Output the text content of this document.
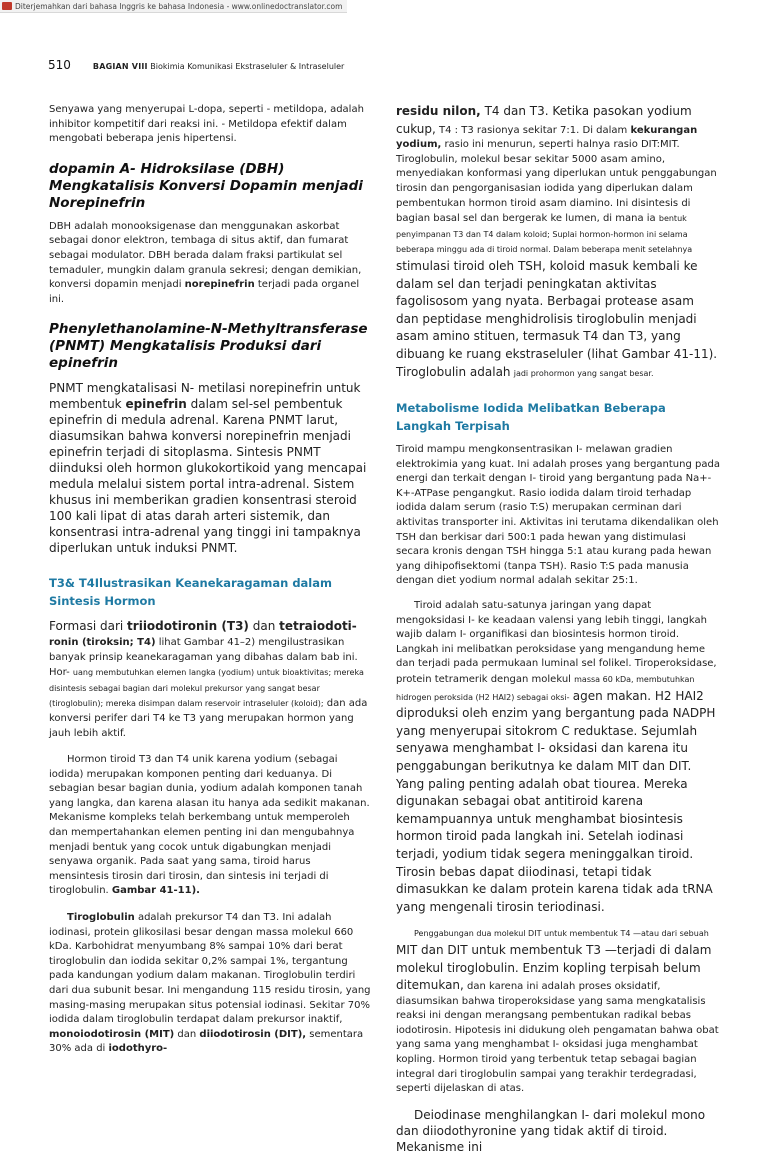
Diterjemahkan dari bahasa Inggris ke bahasa Indonesia - www.onlinedoctranslator.com
510	BAGIAN VIII Biokimia Komunikasi Ekstraseluler & Intraseluler

Senyawa yang menyerupai L-dopa, seperti - metildopa, adalah inhibitor kompetitif dari reaksi ini. - Metildopa efektif dalam mengobati beberapa jenis hipertensi.

dopamin A- Hidroksilase (DBH) Mengkatalisis Konversi Dopamin menjadi Norepinefrin

DBH adalah monooksigenase dan menggunakan askorbat sebagai donor elektron, tembaga di situs aktif, dan fumarat sebagai modulator. DBH berada dalam fraksi partikulat sel temaduler, mungkin dalam granula sekresi; dengan demikian, konversi dopamin menjadi norepinefrin terjadi pada organel ini.

Phenylethanolamine-N-Methyltransferase (PNMT) Mengkatalisis Produksi dari epinefrin

PNMT mengkatalisasi N- metilasi norepinefrin untuk membentuk epinefrin dalam sel-sel pembentuk epinefrin di medula adrenal. Karena PNMT larut, diasumsikan bahwa konversi norepinefrin menjadi epinefrin terjadi di sitoplasma. Sintesis PNMT diinduksi oleh hormon glukokortikoid yang mencapai medula melalui sistem portal intra-adrenal. Sistem khusus ini memberikan gradien konsentrasi steroid 100 kali lipat di atas darah arteri sistemik, dan konsentrasi intra-adrenal yang tinggi ini tampaknya diperlukan untuk induksi PNMT.

T3& T4Ilustrasikan Keanekaragaman dalam Sintesis Hormon

Formasi dari triiodotironin (T3) dan tetraiodoti- ronin (tiroksin; T4) lihat Gambar 41–2) mengilustrasikan banyak prinsip keanekaragaman yang dibahas dalam bab ini. Hor- uang membutuhkan elemen langka (yodium) untuk bioaktivitas; mereka disintesis sebagai bagian dari molekul prekursor yang sangat besar (tiroglobulin); mereka disimpan dalam reservoir intraseluler (koloid); dan ada konversi perifer dari T4 ke T3 yang merupakan hormon yang jauh lebih aktif.

Hormon tiroid T3 dan T4 unik karena yodium (sebagai iodida) merupakan komponen penting dari keduanya. Di sebagian besar bagian dunia, yodium adalah komponen tanah yang langka, dan karena alasan itu hanya ada sedikit makanan. Mekanisme kompleks telah berkembang untuk memperoleh dan mempertahankan elemen penting ini dan mengubahnya menjadi bentuk yang cocok untuk digabungkan menjadi senyawa organik. Pada saat yang sama, tiroid harus mensintesis tirosin dari tirosin, dan sintesis ini terjadi di tiroglobulin. Gambar 41-11).

Tiroglobulin adalah prekursor T4 dan T3. Ini adalah iodinasi, protein glikosilasi besar dengan massa molekul 660 kDa. Karbohidrat menyumbang 8% sampai 10% dari berat tiroglobulin dan iodida sekitar 0,2% sampai 1%, tergantung pada kandungan yodium dalam makanan. Tiroglobulin terdiri dari dua subunit besar. Ini mengandung 115 residu tirosin, yang masing-masing merupakan situs potensial iodinasi. Sekitar 70% iodida dalam tiroglobulin terdapat dalam prekursor inaktif, monoiodotirosin (MIT) dan diiodotirosin (DIT), sementara 30% ada di iodothyro-

residu nilon, T4 dan T3. Ketika pasokan yodium cukup, T4 : T3 rasionya sekitar 7:1. Di dalam kekurangan yodium, rasio ini menurun, seperti halnya rasio DIT:MIT. Tiroglobulin, molekul besar sekitar 5000 asam amino, menyediakan konformasi yang diperlukan untuk penggabungan tirosin dan pengorganisasian iodida yang diperlukan dalam pembentukan hormon tiroid asam diamino. Ini disintesis di bagian basal sel dan bergerak ke lumen, di mana ia bentuk penyimpanan T3 dan T4 dalam koloid; Suplai hormon-hormon ini selama beberapa minggu ada di tiroid normal. Dalam beberapa menit setelahnya stimulasi tiroid oleh TSH, koloid masuk kembali ke dalam sel dan terjadi peningkatan aktivitas fagolisosom yang nyata. Berbagai protease asam dan peptidase menghidrolisis tiroglobulin menjadi asam amino stituen, termasuk T4 dan T3, yang dibuang ke ruang ekstraseluler (lihat Gambar 41-11). Tiroglobulin adalah jadi prohormon yang sangat besar.

Metabolisme Iodida Melibatkan Beberapa Langkah Terpisah

Tiroid mampu mengkonsentrasikan I- melawan gradien elektrokimia yang kuat. Ini adalah proses yang bergantung pada energi dan terkait dengan I- tiroid yang bergantung pada Na+-K+-ATPase pengangkut. Rasio iodida dalam tiroid terhadap iodida dalam serum (rasio T:S) merupakan cerminan dari aktivitas transporter ini. Aktivitas ini terutama dikendalikan oleh TSH dan berkisar dari 500:1 pada hewan yang distimulasi secara kronis dengan TSH hingga 5:1 atau kurang pada hewan yang dihipofisektomi (tanpa TSH). Rasio T:S pada manusia dengan diet yodium normal adalah sekitar 25:1.

Tiroid adalah satu-satunya jaringan yang dapat mengoksidasi I- ke keadaan valensi yang lebih tinggi, langkah wajib dalam I- organifikasi dan biosintesis hormon tiroid. Langkah ini melibatkan peroksidase yang mengandung heme dan terjadi pada permukaan luminal sel folikel. Tiroperoksidase, protein tetramerik dengan molekul massa 60 kDa, membutuhkan hidrogen peroksida (H2 HAI2) sebagai oksi- agen makan. H2 HAI2 diproduksi oleh enzim yang bergantung pada NADPH yang menyerupai sitokrom C reduktase. Sejumlah senyawa menghambat I- oksidasi dan karena itu penggabungan berikutnya ke dalam MIT dan DIT. Yang paling penting adalah obat tiourea. Mereka digunakan sebagai obat antitiroid karena kemampuannya untuk menghambat biosintesis hormon tiroid pada langkah ini. Setelah iodinasi terjadi, yodium tidak segera meninggalkan tiroid. Tirosin bebas dapat diiodinasi, tetapi tidak dimasukkan ke dalam protein karena tidak ada tRNA yang mengenali tirosin teriodinasi.

Penggabungan dua molekul DIT untuk membentuk T4 —atau dari sebuah MIT dan DIT untuk membentuk T3 —terjadi di dalam molekul tiroglobulin. Enzim kopling terpisah belum ditemukan, dan karena ini adalah proses oksidatif, diasumsikan bahwa tiroperoksidase yang sama mengkatalisis reaksi ini dengan merangsang pembentukan radikal bebas iodotirosin. Hipotesis ini didukung oleh pengamatan bahwa obat yang sama yang menghambat I- oksidasi juga menghambat kopling. Hormon tiroid yang terbentuk tetap sebagai bagian integral dari tiroglobulin sampai yang terakhir terdegradasi, seperti dijelaskan di atas.

Deiodinase menghilangkan I- dari molekul mono dan diiodothyronine yang tidak aktif di tiroid. Mekanisme ini
